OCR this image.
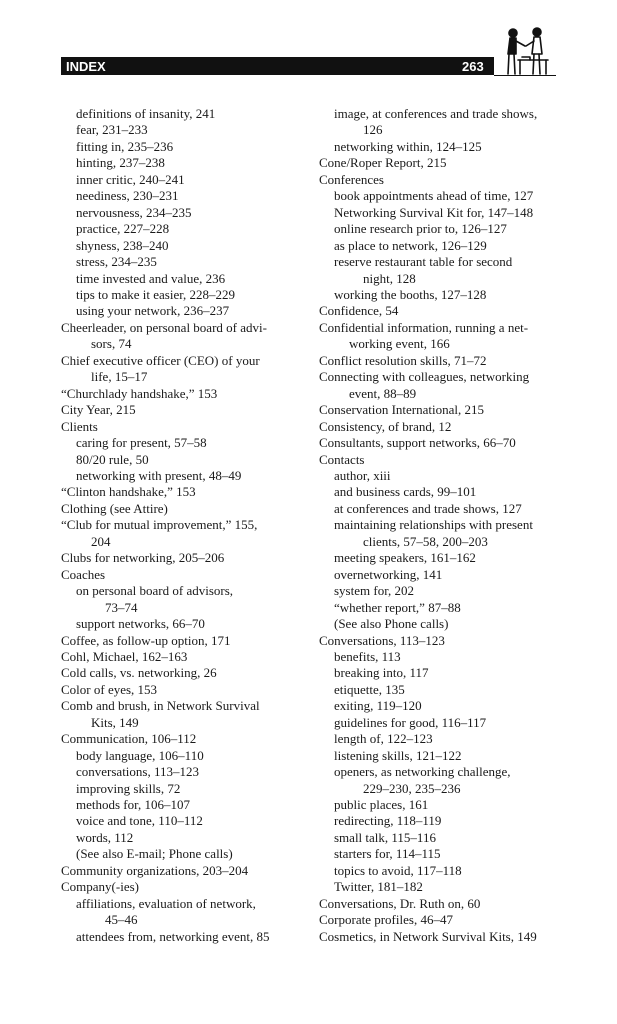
INDEX	263
definitions of insanity, 241
fear, 231–233
fitting in, 235–236
hinting, 237–238
inner critic, 240–241
neediness, 230–231
nervousness, 234–235
practice, 227–228
shyness, 238–240
stress, 234–235
time invested and value, 236
tips to make it easier, 228–229
using your network, 236–237
Cheerleader, on personal board of advi-
sors, 74
Chief executive officer (CEO) of your
life, 15–17
“Churchlady handshake,” 153
City Year, 215
Clients
caring for present, 57–58
80/20 rule, 50
networking with present, 48–49
“Clinton handshake,” 153
Clothing (see Attire)
“Club for mutual improvement,” 155,
204
Clubs for networking, 205–206
Coaches
on personal board of advisors,
73–74
support networks, 66–70
Coffee, as follow-up option, 171
Cohl, Michael, 162–163
Cold calls, vs. networking, 26
Color of eyes, 153
Comb and brush, in Network Survival
Kits, 149
Communication, 106–112
body language, 106–110
conversations, 113–123
improving skills, 72
methods for, 106–107
voice and tone, 110–112
words, 112
(See also E-mail; Phone calls)
Community organizations, 203–204
Company(-ies)
affiliations, evaluation of network,
45–46
attendees from, networking event, 85
image, at conferences and trade shows,
126
networking within, 124–125
Cone/Roper Report, 215
Conferences
book appointments ahead of time, 127
Networking Survival Kit for, 147–148
online research prior to, 126–127
as place to network, 126–129
reserve restaurant table for second
night, 128
working the booths, 127–128
Confidence, 54
Confidential information, running a net-
working event, 166
Conflict resolution skills, 71–72
Connecting with colleagues, networking
event, 88–89
Conservation International, 215
Consistency, of brand, 12
Consultants, support networks, 66–70
Contacts
author, xiii
and business cards, 99–101
at conferences and trade shows, 127
maintaining relationships with present
clients, 57–58, 200–203
meeting speakers, 161–162
overnetworking, 141
system for, 202
“whether report,” 87–88
(See also Phone calls)
Conversations, 113–123
benefits, 113
breaking into, 117
etiquette, 135
exiting, 119–120
guidelines for good, 116–117
length of, 122–123
listening skills, 121–122
openers, as networking challenge,
229–230, 235–236
public places, 161
redirecting, 118–119
small talk, 115–116
starters for, 114–115
topics to avoid, 117–118
Twitter, 181–182
Conversations, Dr. Ruth on, 60
Corporate profiles, 46–47
Cosmetics, in Network Survival Kits, 149
